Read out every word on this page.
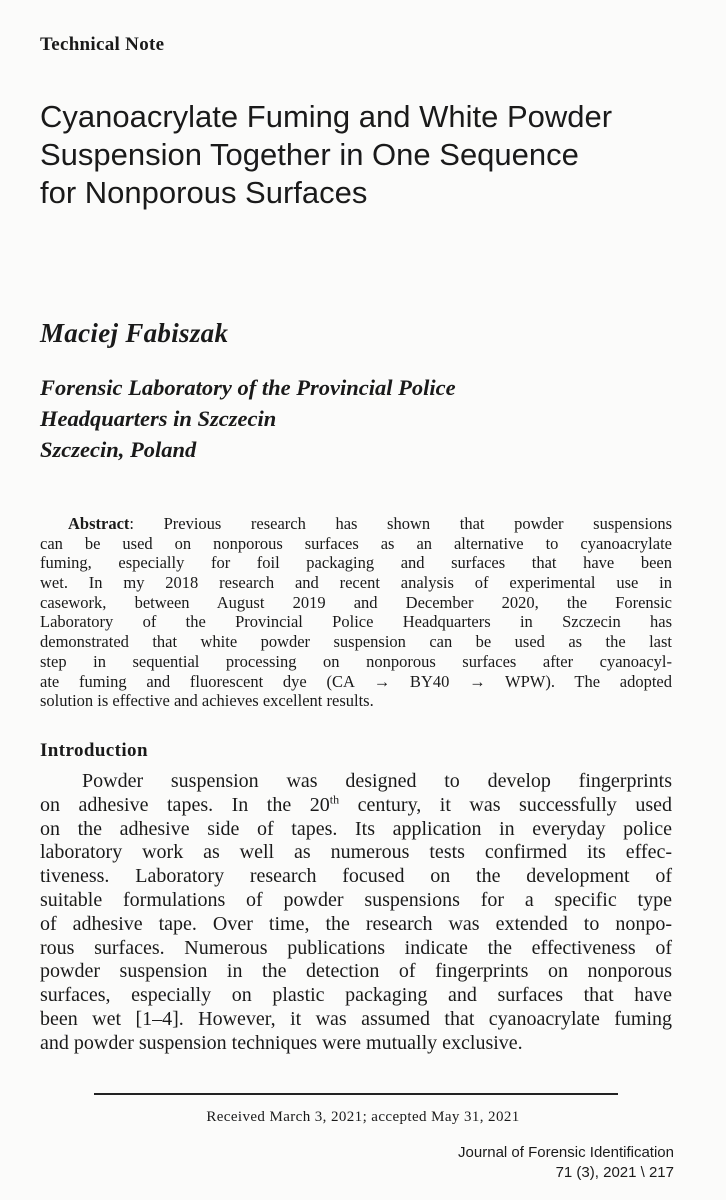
Technical Note
Cyanoacrylate Fuming and White Powder
Suspension Together in One Sequence
for Nonporous Surfaces
Maciej Fabiszak
Forensic Laboratory of the Provincial Police
Headquarters in Szczecin
Szczecin, Poland
Abstract: Previous research has shown that powder suspensions
can be used on nonporous surfaces as an alternative to cyanoacrylate
fuming, especially for foil packaging and surfaces that have been
wet. In my 2018 research and recent analysis of experimental use in
casework, between August 2019 and December 2020, the Forensic
Laboratory of the Provincial Police Headquarters in Szczecin has
demonstrated that white powder suspension can be used as the last
step in sequential processing on nonporous surfaces after cyanoacyl-
ate fuming and fluorescent dye (CA → BY40 → WPW). The adopted
solution is effective and achieves excellent results.
Introduction
Powder suspension was designed to develop fingerprints
on adhesive tapes. In the 20th century, it was successfully used
on the adhesive side of tapes. Its application in everyday police
laboratory work as well as numerous tests confirmed its effec-
tiveness. Laboratory research focused on the development of
suitable formulations of powder suspensions for a specific type
of adhesive tape. Over time, the research was extended to nonpo-
rous surfaces. Numerous publications indicate the effectiveness of
powder suspension in the detection of fingerprints on nonporous
surfaces, especially on plastic packaging and surfaces that have
been wet [1–4]. However, it was assumed that cyanoacrylate fuming
and powder suspension techniques were mutually exclusive.
Received March 3, 2021; accepted May 31, 2021
Journal of Forensic Identification
71 (3), 2021 \ 217
